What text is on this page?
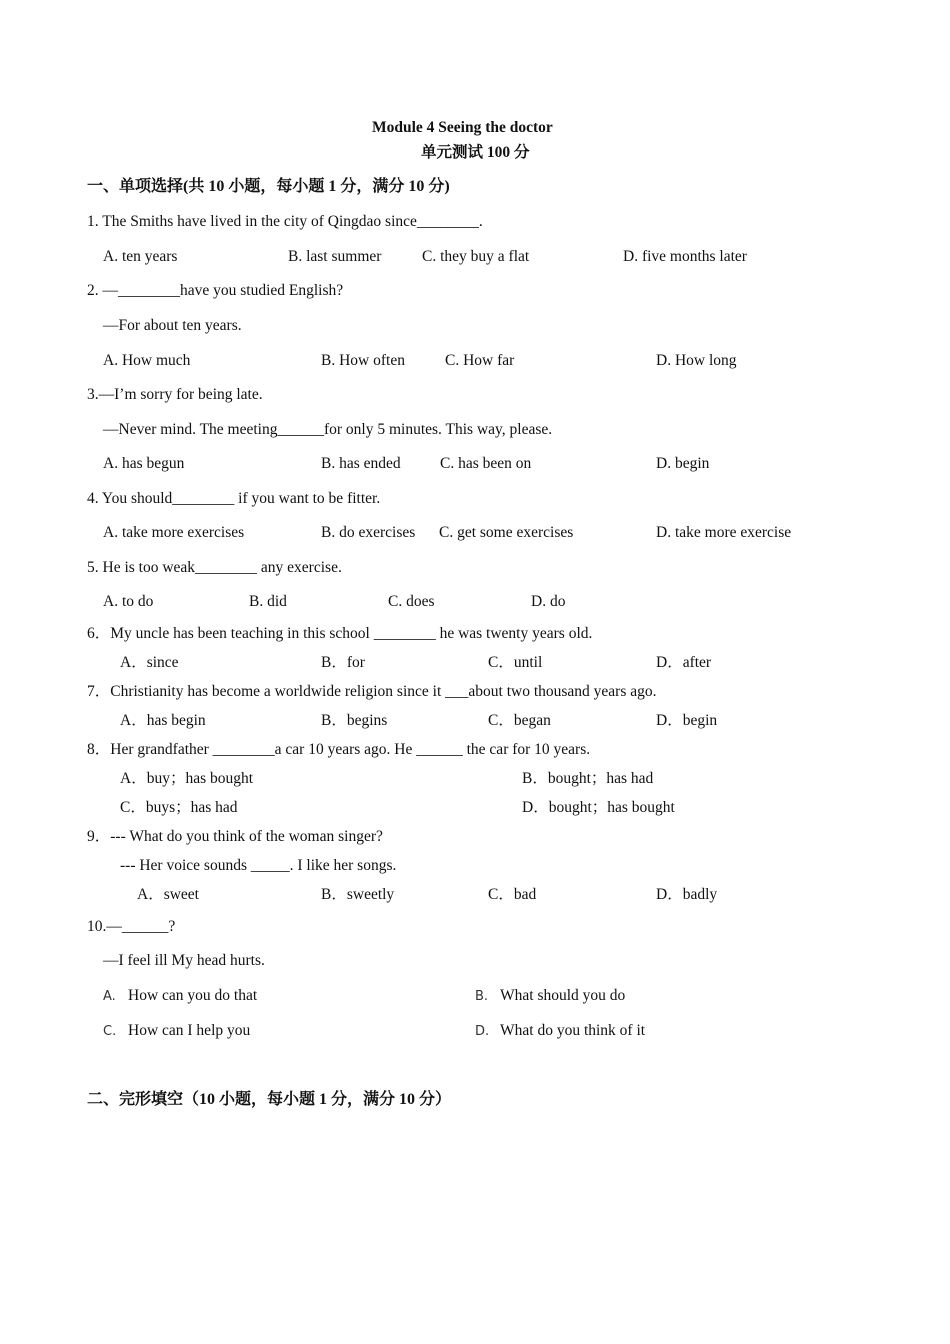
Module 4 Seeing the doctor
单元测试 100 分
一、单项选择(共 10 小题，每小题 1 分，满分 10 分)
1. The Smiths have lived in the city of Qingdao since________.
A. ten years	B. last summer	C. they buy a flat	D. five months later
2. —________have you studied English?
—For about ten years.
A. How much	B. How often	C. How far	D. How long
3.—I’m sorry for being late.
—Never mind. The meeting______for only 5 minutes. This way, please.
A. has begun	B. has ended	C. has been on	D. begin
4. You should________ if you want to be fitter.
A. take more exercises	B. do exercises C. get some exercises	D. take more exercise
5. He is too weak________ any exercise.
A. to do	B. did	C. does	D. do
6．My uncle has been teaching in this school ________ he was twenty years old.
A．since	B．for	C．until	D．after
7．Christianity has become a worldwide religion since it ___about two thousand years ago.
A．has begin	B．begins	C．began	D．begin
8．Her grandfather ________a car 10 years ago. He ______ the car for 10 years.
A．buy；has bought	B．bought；has had
C．buys；has had	D．bought；has bought
9．--- What do you think of the woman singer?
--- Her voice sounds _____. I like her songs.
A．sweet	B．sweetly	C．bad	D．badly
10.—______?
—I feel ill My head hurts.
A. How can you do that	B. What should you do
C. How can I help you	D. What do you think of it
二、完形填空（10 小题，每小题 1 分，满分 10 分）
